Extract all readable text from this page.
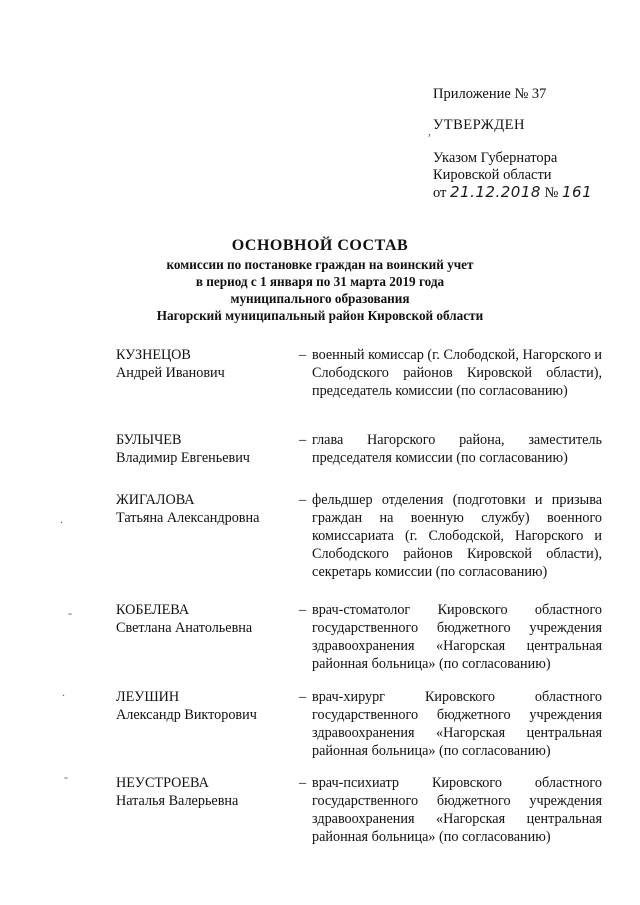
Приложение № 37
УТВЕРЖДЕН
Указом Губернатора
Кировской области
от 21.12.2018 № 161
ОСНОВНОЙ СОСТАВ
комиссии по постановке граждан на воинский учет
в период с 1 января по 31 марта 2019 года
муниципального образования
Нагорский муниципальный район Кировской области
КУЗНЕЦОВ
Андрей Иванович
– военный комиссар (г. Слободской, Нагорского и Слободского районов Кировской области), председатель комиссии (по согласованию)
БУЛЫЧЕВ
Владимир Евгеньевич
– глава Нагорского района, заместитель председателя комиссии (по согласованию)
ЖИГАЛОВА
Татьяна Александровна
– фельдшер отделения (подготовки и призыва граждан на военную службу) военного комиссариата (г. Слободской, Нагорского и Слободского районов Кировской области), секретарь комиссии (по согласованию)
КОБЕЛЕВА
Светлана Анатольевна
– врач-стоматолог Кировского областного государственного бюджетного учреждения здравоохранения «Нагорская центральная районная больница» (по согласованию)
ЛЕУШИН
Александр Викторович
– врач-хирург Кировского областного государственного бюджетного учреждения здравоохранения «Нагорская центральная районная больница» (по согласованию)
НЕУСТРОЕВА
Наталья Валерьевна
– врач-психиатр Кировского областного государственного бюджетного учреждения здравоохранения «Нагорская центральная районная больница» (по согласованию)
,
-
-
.
.
